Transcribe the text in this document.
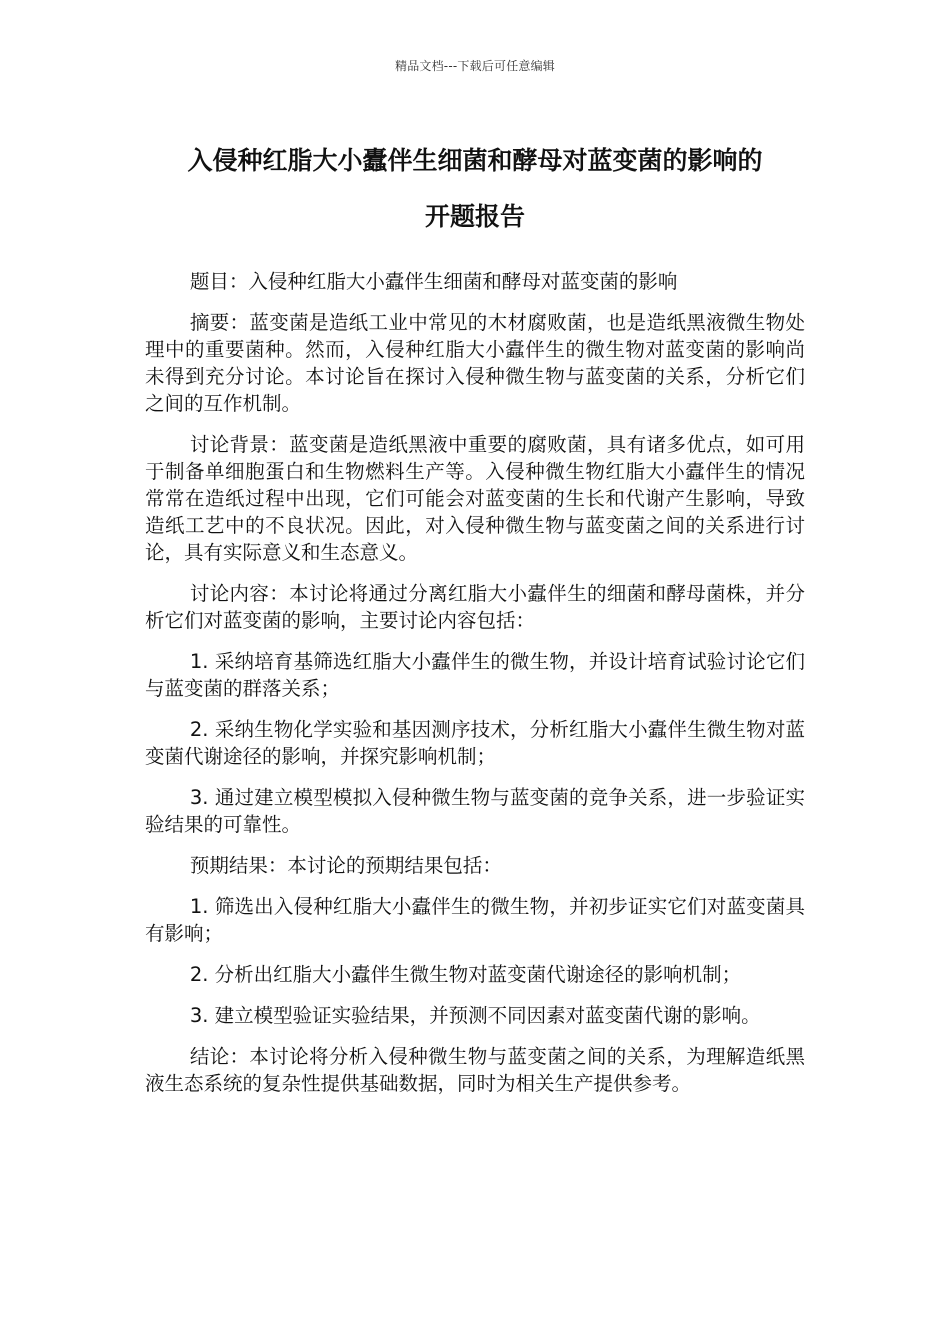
精品文档---下载后可任意编辑
入侵种红脂大小蠹伴生细菌和酵母对蓝变菌的影响的
开题报告

题目：入侵种红脂大小蠹伴生细菌和酵母对蓝变菌的影响

摘要：蓝变菌是造纸工业中常见的木材腐败菌，也是造纸黑液微生物处理中的重要菌种。然而，入侵种红脂大小蠹伴生的微生物对蓝变菌的影响尚未得到充分讨论。本讨论旨在探讨入侵种微生物与蓝变菌的关系，分析它们之间的互作机制。

讨论背景：蓝变菌是造纸黑液中重要的腐败菌，具有诸多优点，如可用于制备单细胞蛋白和生物燃料生产等。入侵种微生物红脂大小蠹伴生的情况常常在造纸过程中出现，它们可能会对蓝变菌的生长和代谢产生影响，导致造纸工艺中的不良状况。因此，对入侵种微生物与蓝变菌之间的关系进行讨论，具有实际意义和生态意义。

讨论内容：本讨论将通过分离红脂大小蠹伴生的细菌和酵母菌株，并分析它们对蓝变菌的影响，主要讨论内容包括：

1. 采纳培育基筛选红脂大小蠹伴生的微生物，并设计培育试验讨论它们与蓝变菌的群落关系；

2. 采纳生物化学实验和基因测序技术，分析红脂大小蠹伴生微生物对蓝变菌代谢途径的影响，并探究影响机制；

3. 通过建立模型模拟入侵种微生物与蓝变菌的竞争关系，进一步验证实验结果的可靠性。

预期结果：本讨论的预期结果包括：

1. 筛选出入侵种红脂大小蠹伴生的微生物，并初步证实它们对蓝变菌具有影响；

2. 分析出红脂大小蠹伴生微生物对蓝变菌代谢途径的影响机制；

3. 建立模型验证实验结果，并预测不同因素对蓝变菌代谢的影响。

结论：本讨论将分析入侵种微生物与蓝变菌之间的关系，为理解造纸黑液生态系统的复杂性提供基础数据，同时为相关生产提供参考。
